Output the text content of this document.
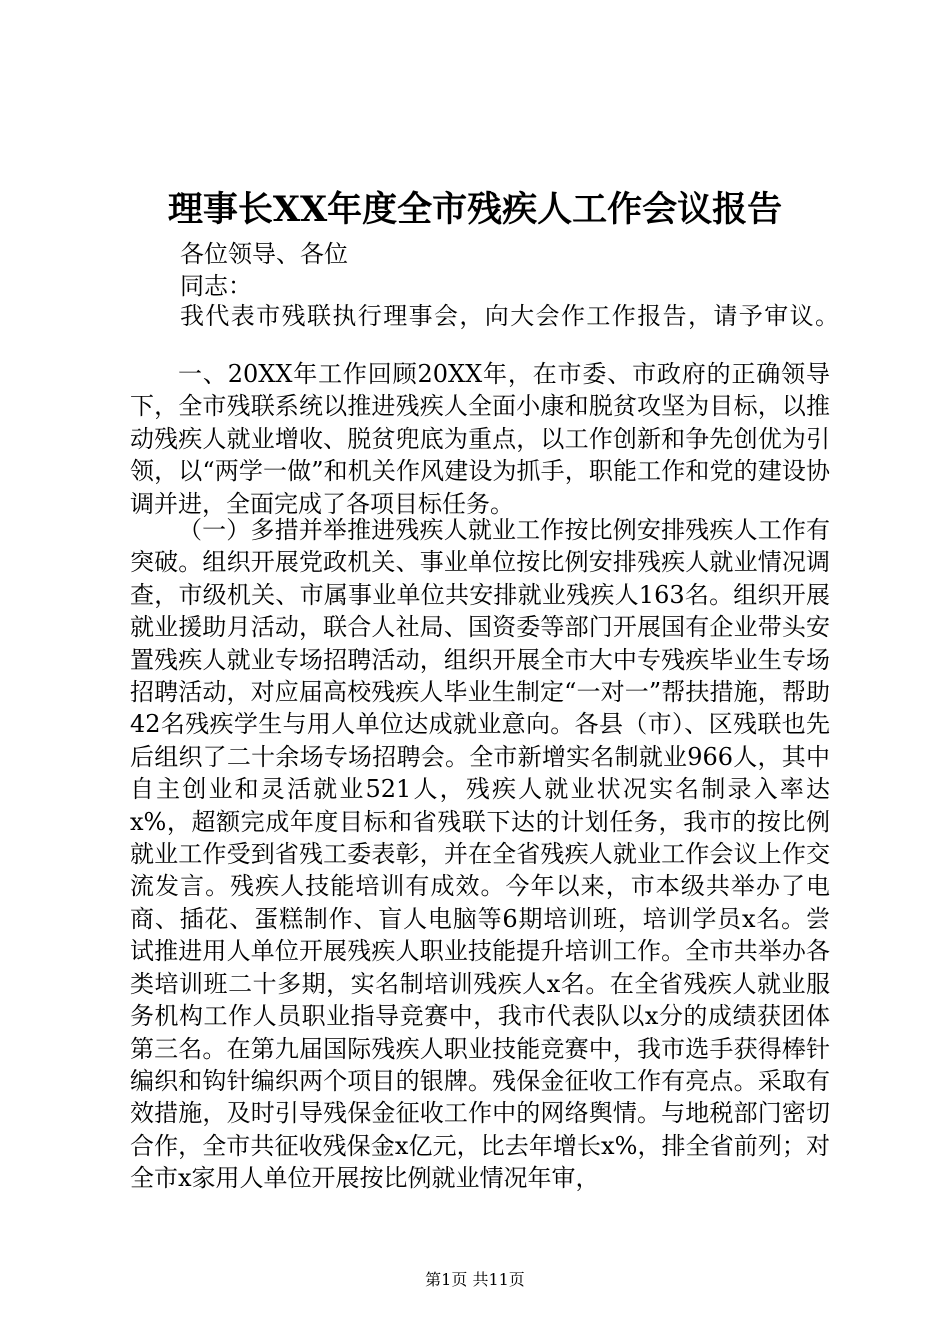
理事长XX年度全市残疾人工作会议报告
各位领导、各位
同志：
我代表市残联执行理事会，向大会作工作报告，请予审议。

一、20XX年工作回顾20XX年，在市委、市政府的正确领导下，全市残联系统以推进残疾人全面小康和脱贫攻坚为目标，以推动残疾人就业增收、脱贫兜底为重点，以工作创新和争先创优为引领，以“两学一做”和机关作风建设为抓手，职能工作和党的建设协调并进，全面完成了各项目标任务。

（一）多措并举推进残疾人就业工作按比例安排残疾人工作有突破。组织开展党政机关、事业单位按比例安排残疾人就业情况调查，市级机关、市属事业单位共安排就业残疾人163名。组织开展就业援助月活动，联合人社局、国资委等部门开展国有企业带头安置残疾人就业专场招聘活动，组织开展全市大中专残疾毕业生专场招聘活动，对应届高校残疾人毕业生制定“一对一”帮扶措施，帮助42名残疾学生与用人单位达成就业意向。各县（市）、区残联也先后组织了二十余场专场招聘会。全市新增实名制就业966人，其中自主创业和灵活就业521人，残疾人就业状况实名制录入率达x%，超额完成年度目标和省残联下达的计划任务，我市的按比例就业工作受到省残工委表彰，并在全省残疾人就业工作会议上作交流发言。残疾人技能培训有成效。今年以来，市本级共举办了电商、插花、蛋糕制作、盲人电脑等6期培训班，培训学员x名。尝试推进用人单位开展残疾人职业技能提升培训工作。全市共举办各类培训班二十多期，实名制培训残疾人x名。在全省残疾人就业服务机构工作人员职业指导竞赛中，我市代表队以x分的成绩获团体第三名。在第九届国际残疾人职业技能竞赛中，我市选手获得棒针编织和钩针编织两个项目的银牌。残保金征收工作有亮点。采取有效措施，及时引导残保金征收工作中的网络舆情。与地税部门密切合作，全市共征收残保金x亿元，比去年增长x%，排全省前列；对全市x家用人单位开展按比例就业情况年审，

第1页 共11页
